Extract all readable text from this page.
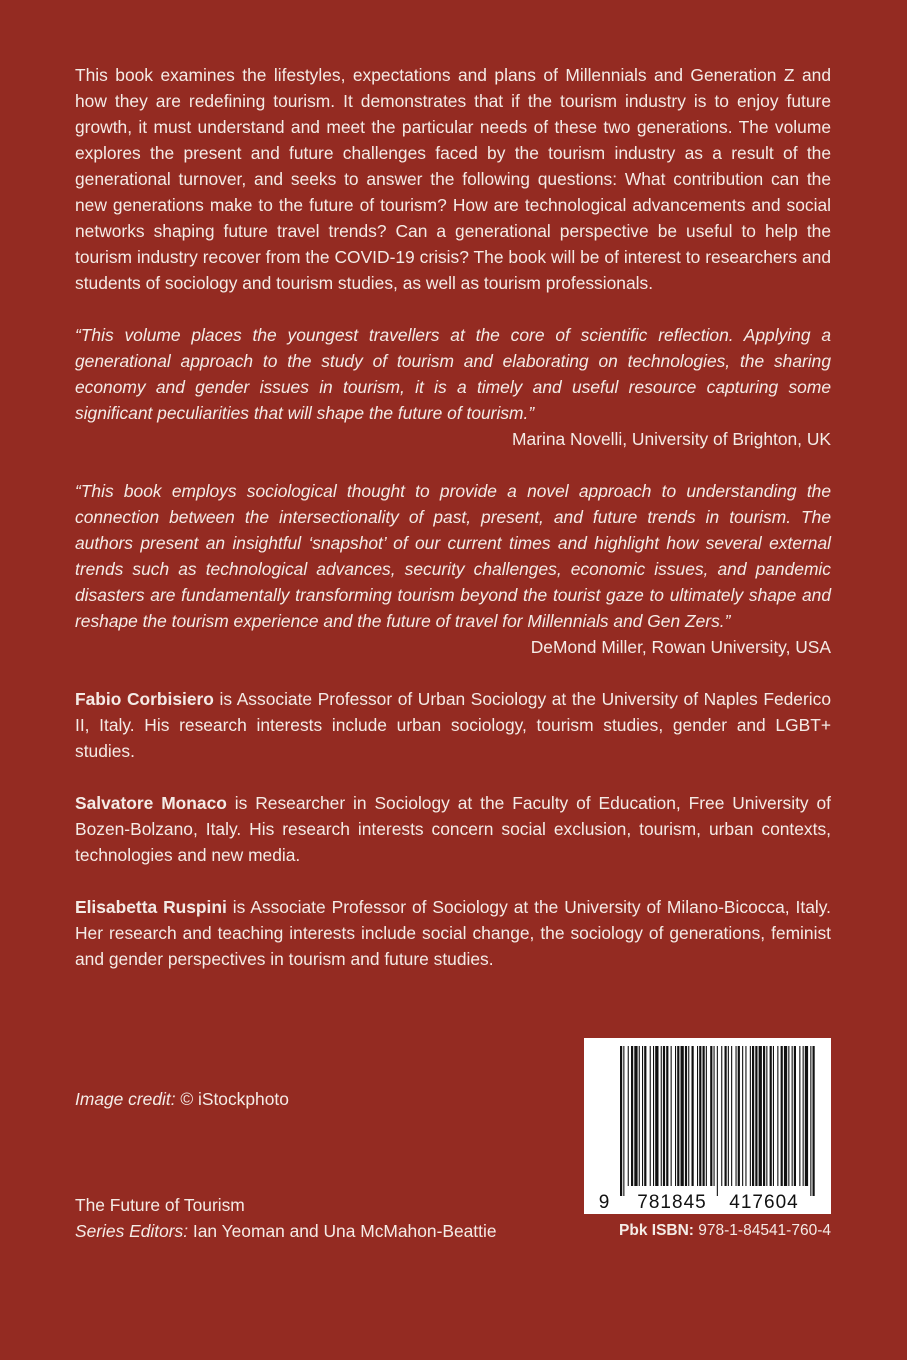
This book examines the lifestyles, expectations and plans of Millennials and Generation Z and how they are redefining tourism. It demonstrates that if the tourism industry is to enjoy future growth, it must understand and meet the particular needs of these two generations. The volume explores the present and future challenges faced by the tourism industry as a result of the generational turnover, and seeks to answer the following questions: What contribution can the new generations make to the future of tourism? How are technological advancements and social networks shaping future travel trends? Can a generational perspective be useful to help the tourism industry recover from the COVID-19 crisis? The book will be of interest to researchers and students of sociology and tourism studies, as well as tourism professionals.

“This volume places the youngest travellers at the core of scientific reflection. Applying a generational approach to the study of tourism and elaborating on technologies, the sharing economy and gender issues in tourism, it is a timely and useful resource capturing some significant peculiarities that will shape the future of tourism.”

Marina Novelli, University of Brighton, UK

“This book employs sociological thought to provide a novel approach to understanding the connection between the intersectionality of past, present, and future trends in tourism. The authors present an insightful ‘snapshot’ of our current times and highlight how several external trends such as technological advances, security challenges, economic issues, and pandemic disasters are fundamentally transforming tourism beyond the tourist gaze to ultimately shape and reshape the tourism experience and the future of travel for Millennials and Gen Zers.”

DeMond Miller, Rowan University, USA

Fabio Corbisiero is Associate Professor of Urban Sociology at the University of Naples Federico II, Italy. His research interests include urban sociology, tourism studies, gender and LGBT+ studies.

Salvatore Monaco is Researcher in Sociology at the Faculty of Education, Free University of Bozen-Bolzano, Italy. His research interests concern social exclusion, tourism, urban contexts, technologies and new media.

Elisabetta Ruspini is Associate Professor of Sociology at the University of Milano-Bicocca, Italy. Her research and teaching interests include social change, the sociology of generations, feminist and gender perspectives in tourism and future studies.

Image credit: © iStockphoto
The Future of Tourism
Series Editors: Ian Yeoman and Una McMahon-Beattie
9 781845 417604
Pbk ISBN: 978-1-84541-760-4
